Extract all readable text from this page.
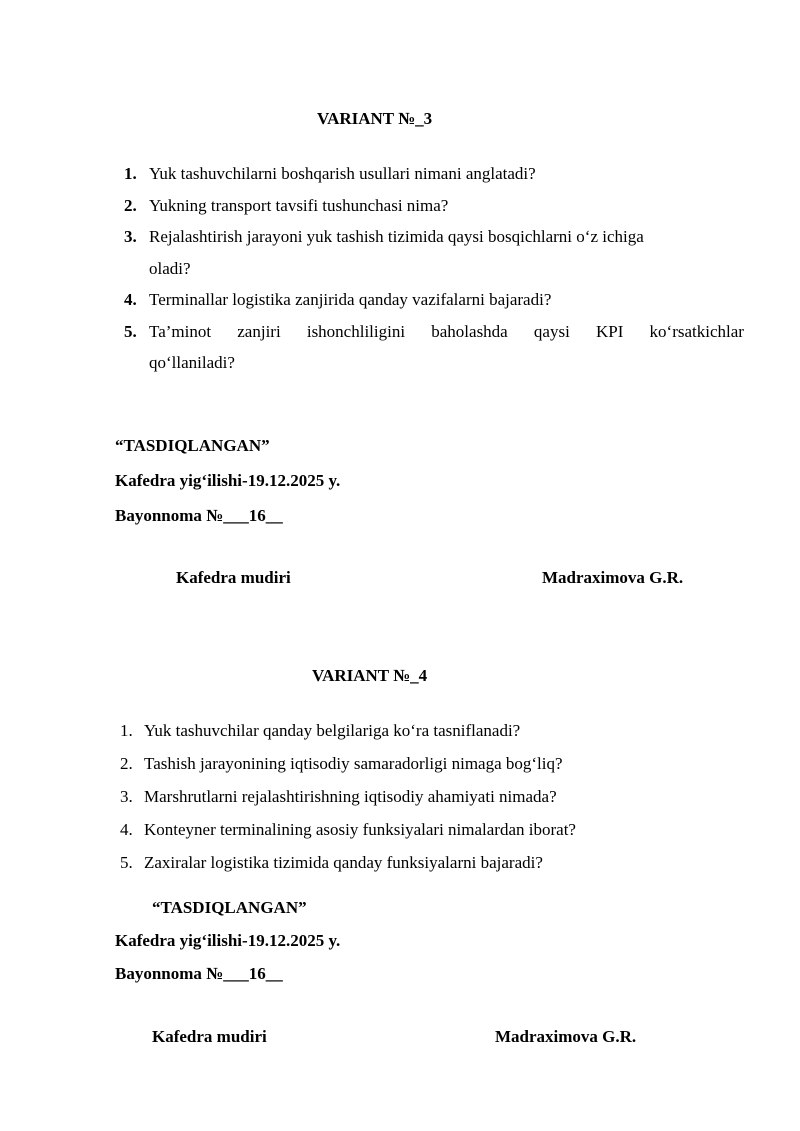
VARIANT №_3
1. Yuk tashuvchilarni boshqarish usullari nimani anglatadi?
2. Yukning transport tavsifi tushunchasi nima?
3. Rejalashtirish jarayoni yuk tashish tizimida qaysi bosqichlarni o‘z ichiga
oladi?
4. Terminallar logistika zanjirida qanday vazifalarni bajaradi?
5. Ta’minot zanjiri ishonchliligini baholashda qaysi KPI ko‘rsatkichlar
qo‘llaniladi?
“TASDIQLANGAN”
Kafedra yig‘ilishi-19.12.2025 y.
Bayonnoma №___16__
Kafedra mudiri	Madraximova G.R.
VARIANT №_4
1. Yuk tashuvchilar qanday belgilariga ko‘ra tasniflanadi?
2. Tashish jarayonining iqtisodiy samaradorligi nimaga bog‘liq?
3. Marshrutlarni rejalashtirishning iqtisodiy ahamiyati nimada?
4. Konteyner terminalining asosiy funksiyalari nimalardan iborat?
5. Zaxiralar logistika tizimida qanday funksiyalarni bajaradi?
“TASDIQLANGAN”
Kafedra yig‘ilishi-19.12.2025 y.
Bayonnoma №___16__
Kafedra mudiri	Madraximova G.R.
